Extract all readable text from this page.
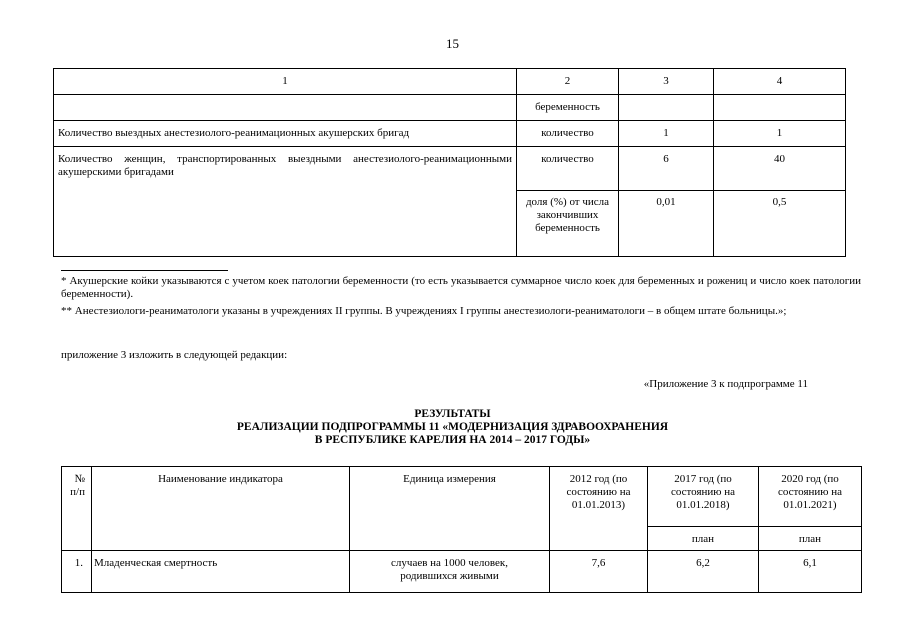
15
1	2	3	4
	беременность		
Количество выездных анестезиолого-реанимационных акушерских бригад	количество	1	1
Количество женщин, транспортированных выездными анестезиолого-реанимационными акушерскими бригадами	количество	6	40
	доля (%) от числа закончивших беременность	0,01	0,5
* Акушерские койки указываются с учетом коек патологии беременности (то есть указывается суммарное число коек для беременных и рожениц и число коек патологии беременности).
** Анестезиологи-реаниматологи указаны в учреждениях II группы. В учреждениях I группы анестезиологи-реаниматологи – в общем штате больницы.»;
приложение 3 изложить в следующей редакции:
«Приложение 3 к подпрограмме 11
РЕЗУЛЬТАТЫ
РЕАЛИЗАЦИИ ПОДПРОГРАММЫ 11 «МОДЕРНИЗАЦИЯ ЗДРАВООХРАНЕНИЯ
В РЕСПУБЛИКЕ КАРЕЛИЯ НА 2014 – 2017 ГОДЫ»
№ п/п	Наименование индикатора	Единица измерения	2012 год (по состоянию на 01.01.2013)	2017 год (по состоянию на 01.01.2018)	2020 год (по состоянию на 01.01.2021)
				план	план
1.	Младенческая смертность	случаев на 1000 человек, родившихся живыми	7,6	6,2	6,1
